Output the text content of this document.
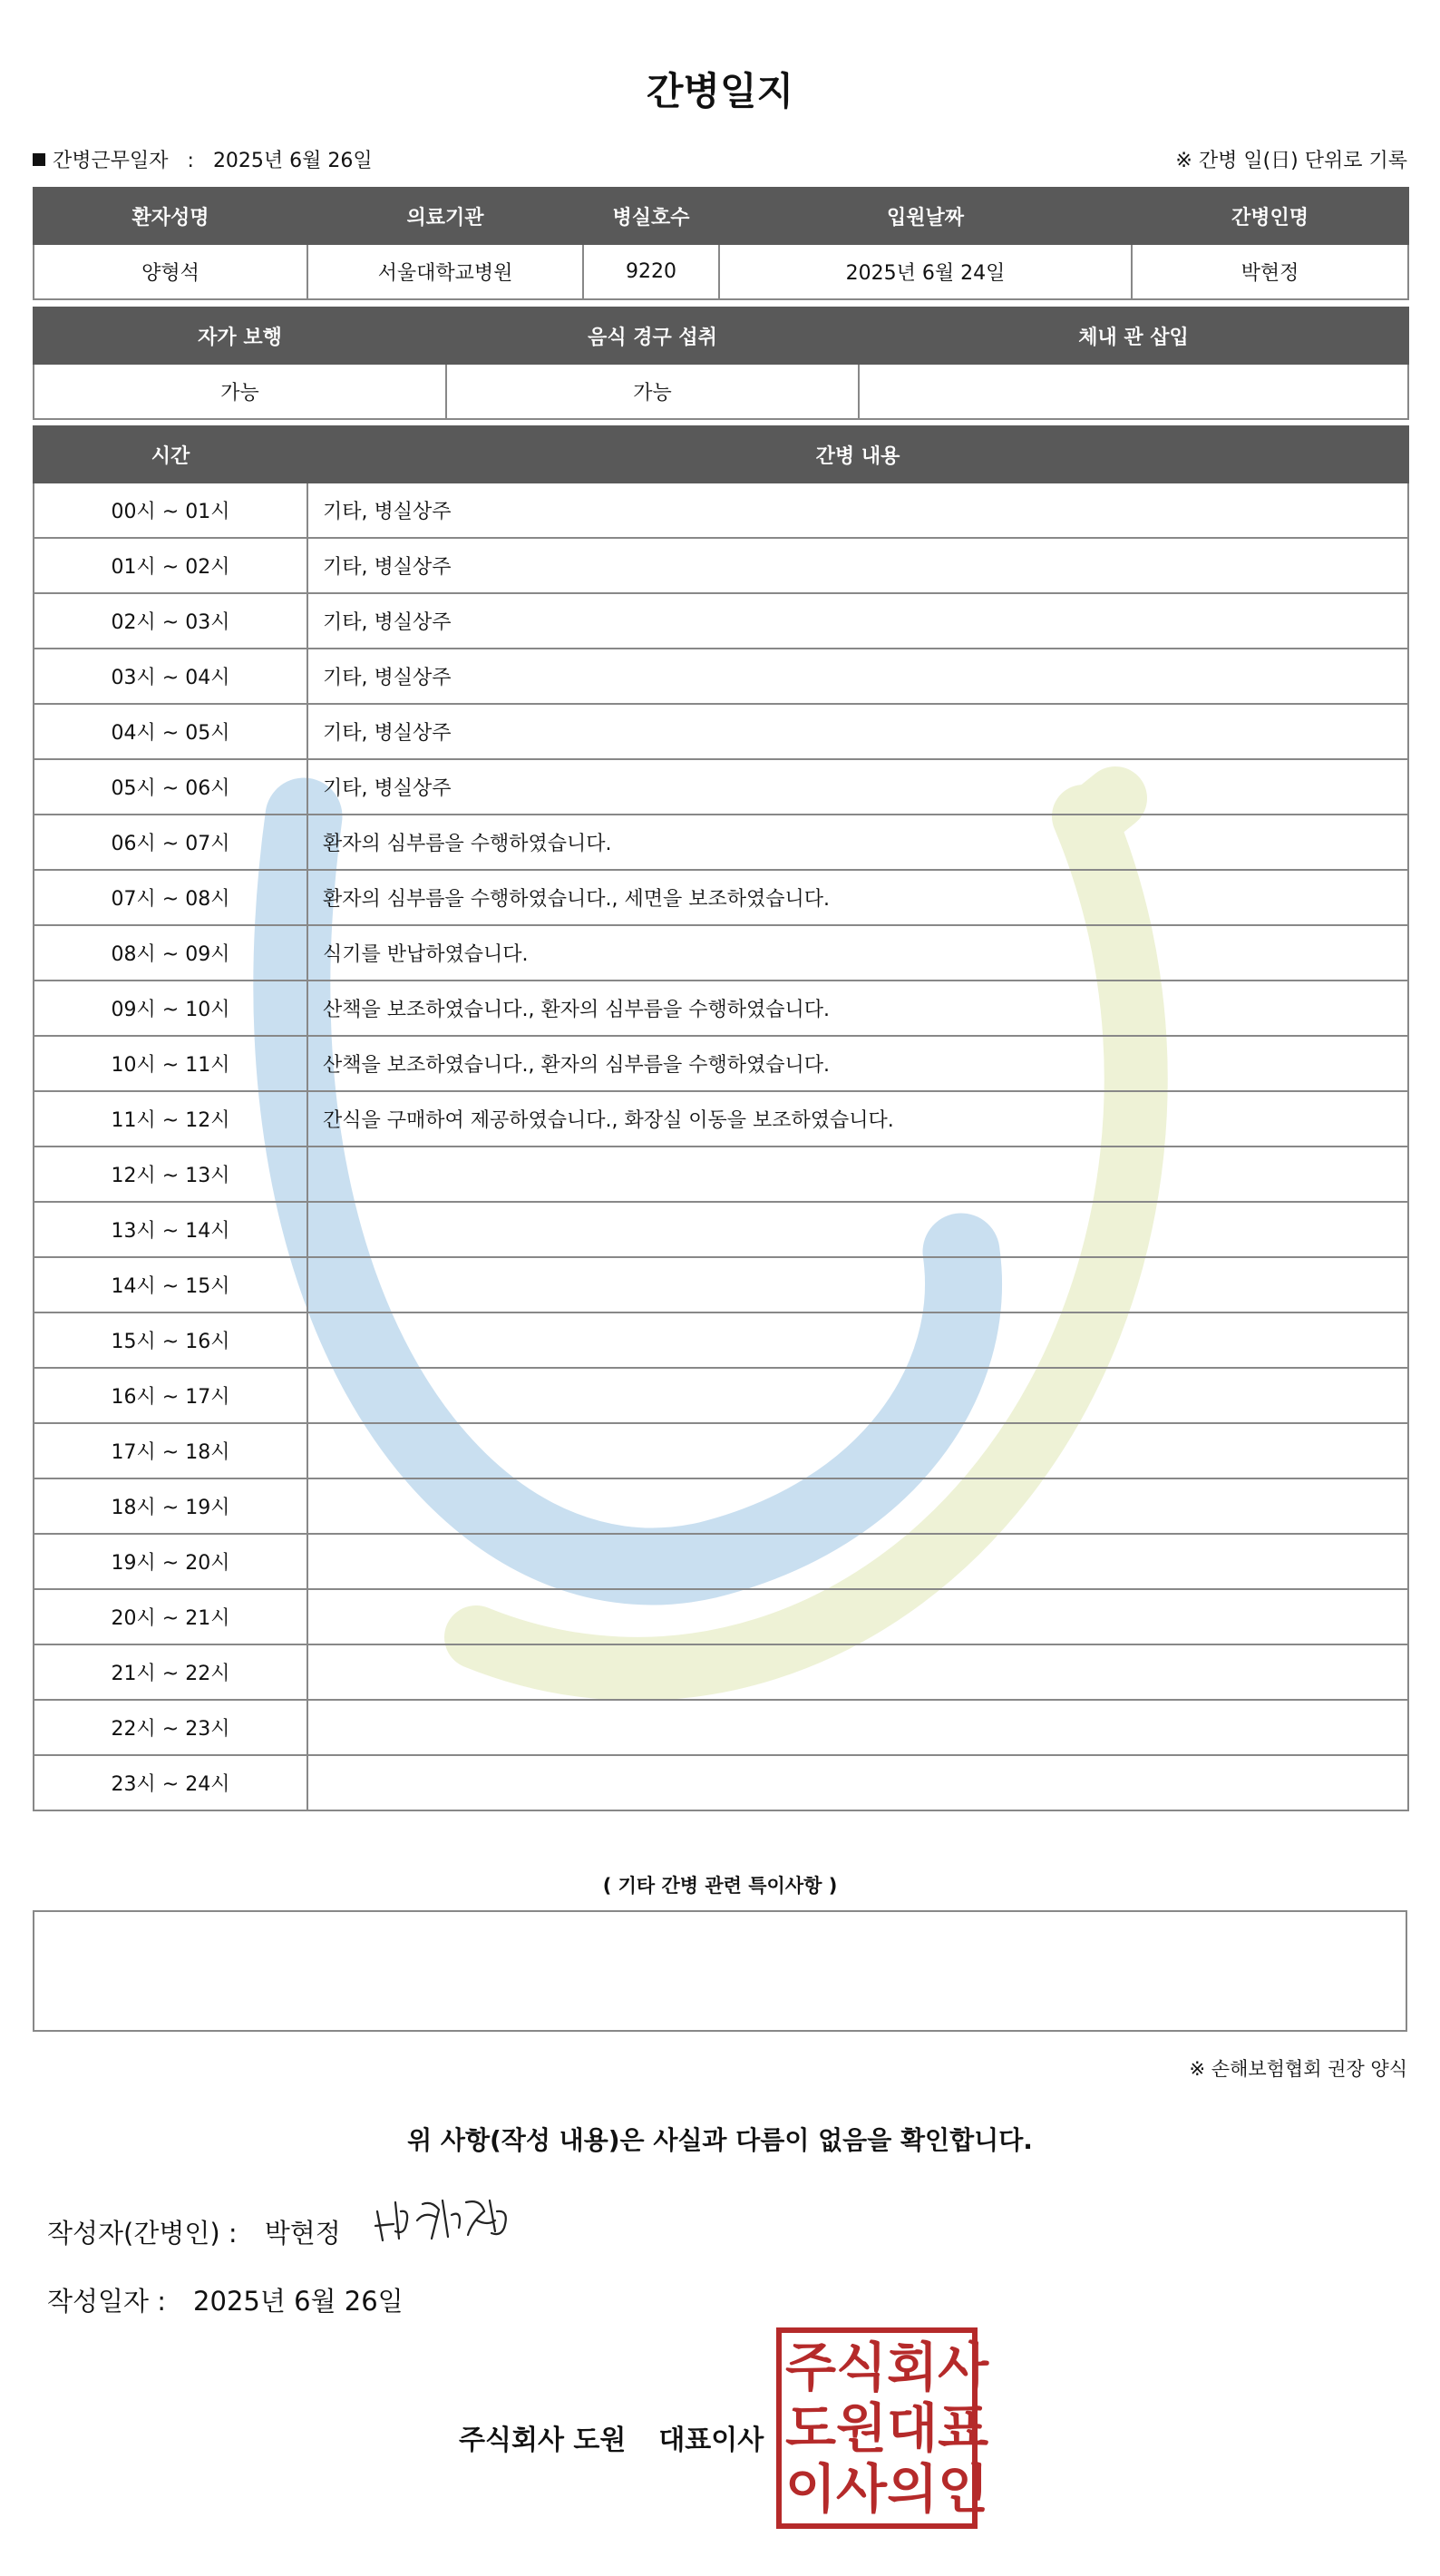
간병일지
간병근무일자 : 2025년 6월 26일	※ 간병 일(日) 단위로 기록
환자성명	의료기관	병실호수	입원날짜	간병인명
양형석	서울대학교병원	9220	2025년 6월 24일	박현정
자가 보행	음식 경구 섭취	체내 관 삽입
가능	가능	
시간	간병 내용
00시 ~ 01시	기타, 병실상주
01시 ~ 02시	기타, 병실상주
02시 ~ 03시	기타, 병실상주
03시 ~ 04시	기타, 병실상주
04시 ~ 05시	기타, 병실상주
05시 ~ 06시	기타, 병실상주
06시 ~ 07시	환자의 심부름을 수행하였습니다.
07시 ~ 08시	환자의 심부름을 수행하였습니다., 세면을 보조하였습니다.
08시 ~ 09시	식기를 반납하였습니다.
09시 ~ 10시	산책을 보조하였습니다., 환자의 심부름을 수행하였습니다.
10시 ~ 11시	산책을 보조하였습니다., 환자의 심부름을 수행하였습니다.
11시 ~ 12시	간식을 구매하여 제공하였습니다., 화장실 이동을 보조하였습니다.
12시 ~ 13시	
13시 ~ 14시	
14시 ~ 15시	
15시 ~ 16시	
16시 ~ 17시	
17시 ~ 18시	
18시 ~ 19시	
19시 ~ 20시	
20시 ~ 21시	
21시 ~ 22시	
22시 ~ 23시	
23시 ~ 24시	
( 기타 간병 관련 특이사항 )
※ 손해보험협회 권장 양식
위 사항(작성 내용)은 사실과 다름이 없음을 확인합니다.
작성자(간병인) : 박현정
작성일자 : 2025년 6월 26일
주식회사 도원 대표이사
주 식 회 사
도 원 대 표
이 사 의 인
